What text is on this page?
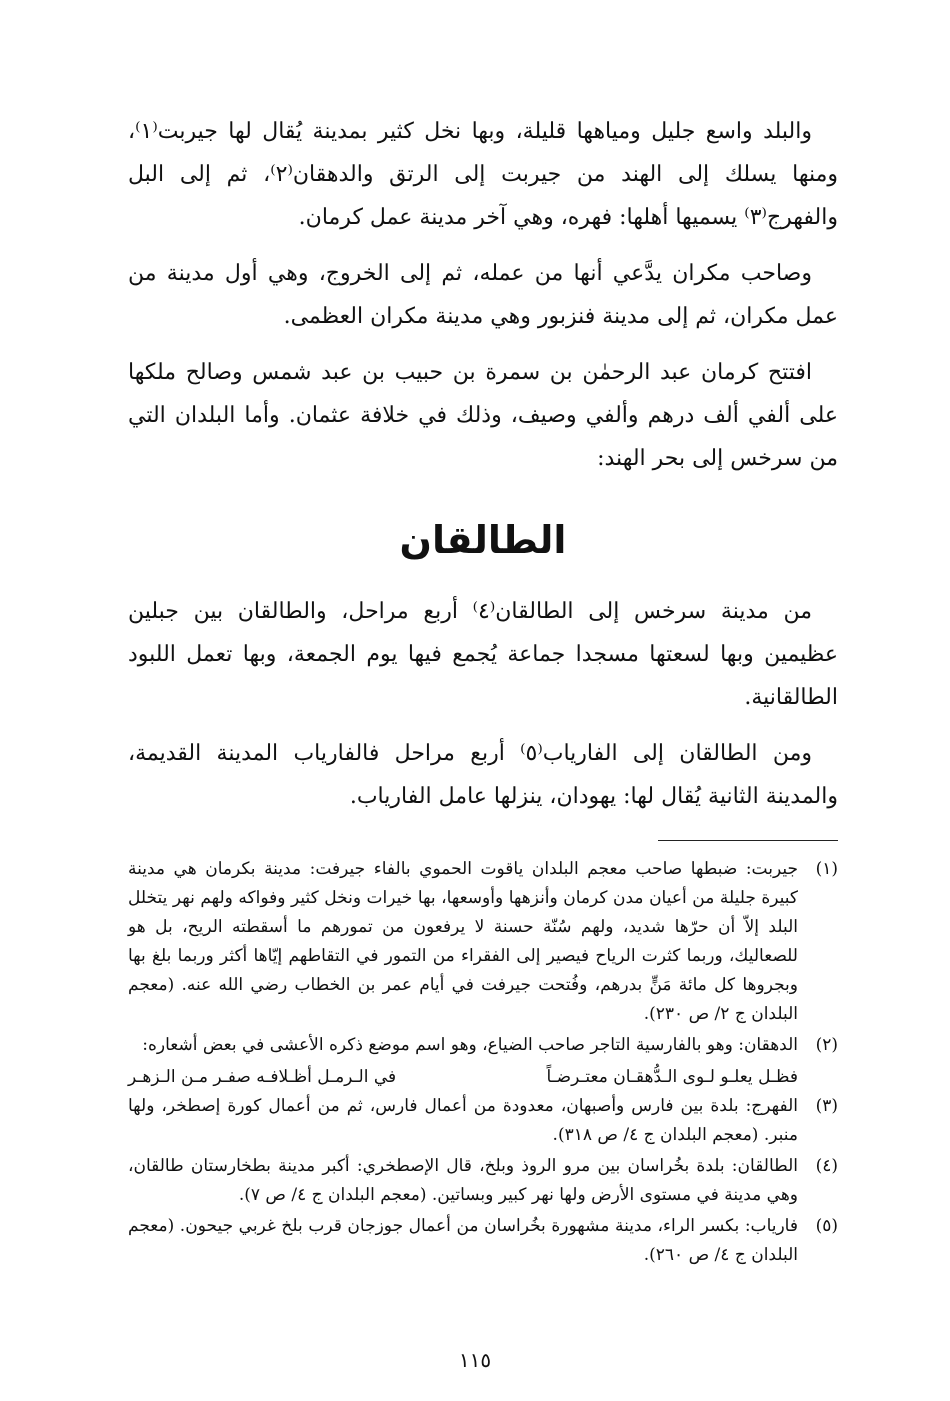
والبلد واسع جليل ومياهها قليلة، وبها نخل كثير بمدينة يُقال لها جيربت⁽١⁾، ومنها يسلك إلى الهند من جيربت إلى الرتق والدهقان⁽٢⁾، ثم إلى البل والفهرج⁽٣⁾ يسميها أهلها: فهره، وهي آخر مدينة عمل كرمان.

وصاحب مكران يدَّعي أنها من عمله، ثم إلى الخروج، وهي أول مدينة من عمل مكران، ثم إلى مدينة فنزبور وهي مدينة مكران العظمى.

افتتح كرمان عبد الرحمٰن بن سمرة بن حبيب بن عبد شمس وصالح ملكها على ألفي ألف درهم وألفي وصيف، وذلك في خلافة عثمان. وأما البلدان التي من سرخس إلى بحر الهند:

الطالقان

من مدينة سرخس إلى الطالقان⁽٤⁾ أربع مراحل، والطالقان بين جبلين عظيمين وبها لسعتها مسجدا جماعة يُجمع فيها يوم الجمعة، وبها تعمل اللبود الطالقانية.

ومن الطالقان إلى الفارياب⁽٥⁾ أربع مراحل فالفارياب المدينة القديمة، والمدينة الثانية يُقال لها: يهودان، ينزلها عامل الفارياب.

(١)
جيربت: ضبطها صاحب معجم البلدان ياقوت الحموي بالفاء جيرفت: مدينة بكرمان هي مدينة كبيرة جليلة من أعيان مدن كرمان وأنزهها وأوسعها، بها خيرات ونخل كثير وفواكه ولهم نهر يتخلل البلد إلاّ أن حرّها شديد، ولهم سُنّة حسنة لا يرفعون من تمورهم ما أسقطته الريح، بل هو للصعاليك، وربما كثرت الرياح فيصير إلى الفقراء من التمور في التقاطهم إيّاها أكثر وربما بلغ بها وبجروها كل مائة مَنٍّ بدرهم، وفُتحت جيرفت في أيام عمر بن الخطاب رضي الله عنه. (معجم البلدان ج ٢/ ص ٢٣٠).
(٢)
الدهقان: وهو بالفارسية التاجر صاحب الضياع، وهو اسم موضع ذكره الأعشى في بعض أشعاره:
فظـل يعلـو لـوى الـدُّهقـان معتـرضـاً
في الـرمـل أظـلافـه صفـر مـن الـزهـر
(٣)
الفهرج: بلدة بين فارس وأصبهان، معدودة من أعمال فارس، ثم من أعمال كورة إصطخر، ولها منبر. (معجم البلدان ج ٤/ ص ٣١٨).
(٤)
الطالقان: بلدة بخُراسان بين مرو الروذ وبلخ، قال الإصطخري: أكبر مدينة بطخارستان طالقان، وهي مدينة في مستوى الأرض ولها نهر كبير وبساتين. (معجم البلدان ج ٤/ ص ٧).
(٥)
فارياب: بكسر الراء، مدينة مشهورة بخُراسان من أعمال جوزجان قرب بلخ غربي جيحون. (معجم البلدان ج ٤/ ص ٢٦٠).
١١٥
